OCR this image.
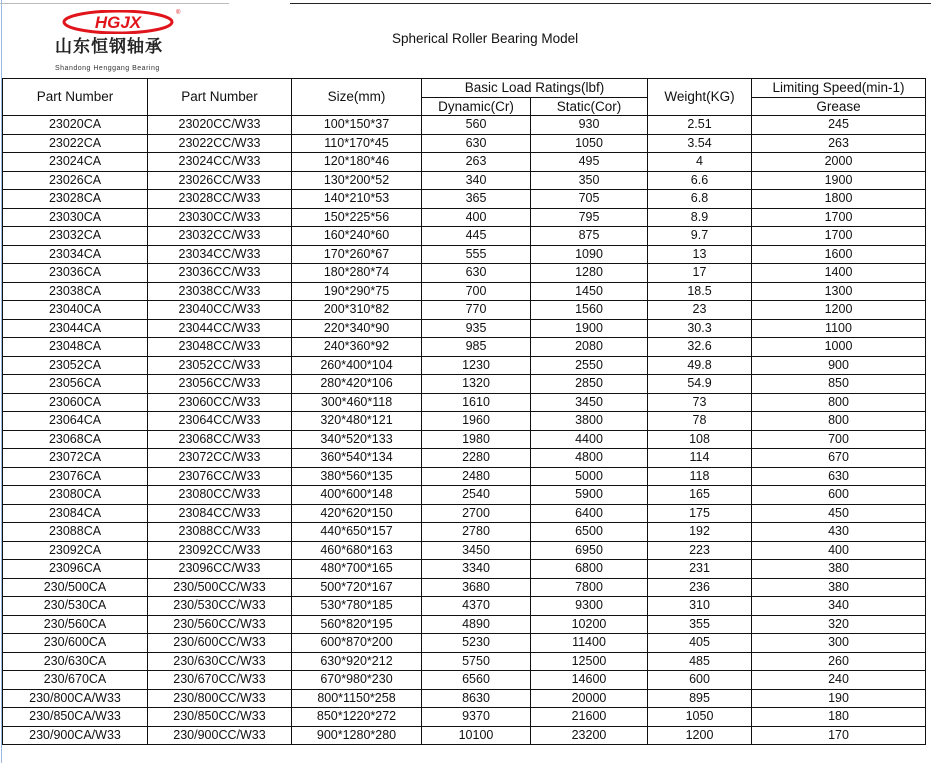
HGJX	®
山东恒钢轴承
Shandong Henggang Bearing
Spherical Roller Bearing Model
Part Number	Part Number	Size(mm)	Basic Load Ratings(lbf)		Weight(KG)	Limiting Speed(min-1)
			Dynamic(Cr)	Static(Cor)		Grease
23020CA	23020CC/W33	100*150*37	560	930	2.51	245
23022CA	23022CC/W33	110*170*45	630	1050	3.54	263
23024CA	23024CC/W33	120*180*46	263	495	4	2000
23026CA	23026CC/W33	130*200*52	340	350	6.6	1900
23028CA	23028CC/W33	140*210*53	365	705	6.8	1800
23030CA	23030CC/W33	150*225*56	400	795	8.9	1700
23032CA	23032CC/W33	160*240*60	445	875	9.7	1700
23034CA	23034CC/W33	170*260*67	555	1090	13	1600
23036CA	23036CC/W33	180*280*74	630	1280	17	1400
23038CA	23038CC/W33	190*290*75	700	1450	18.5	1300
23040CA	23040CC/W33	200*310*82	770	1560	23	1200
23044CA	23044CC/W33	220*340*90	935	1900	30.3	1100
23048CA	23048CC/W33	240*360*92	985	2080	32.6	1000
23052CA	23052CC/W33	260*400*104	1230	2550	49.8	900
23056CA	23056CC/W33	280*420*106	1320	2850	54.9	850
23060CA	23060CC/W33	300*460*118	1610	3450	73	800
23064CA	23064CC/W33	320*480*121	1960	3800	78	800
23068CA	23068CC/W33	340*520*133	1980	4400	108	700
23072CA	23072CC/W33	360*540*134	2280	4800	114	670
23076CA	23076CC/W33	380*560*135	2480	5000	118	630
23080CA	23080CC/W33	400*600*148	2540	5900	165	600
23084CA	23084CC/W33	420*620*150	2700	6400	175	450
23088CA	23088CC/W33	440*650*157	2780	6500	192	430
23092CA	23092CC/W33	460*680*163	3450	6950	223	400
23096CA	23096CC/W33	480*700*165	3340	6800	231	380
230/500CA	230/500CC/W33	500*720*167	3680	7800	236	380
230/530CA	230/530CC/W33	530*780*185	4370	9300	310	340
230/560CA	230/560CC/W33	560*820*195	4890	10200	355	320
230/600CA	230/600CC/W33	600*870*200	5230	11400	405	300
230/630CA	230/630CC/W33	630*920*212	5750	12500	485	260
230/670CA	230/670CC/W33	670*980*230	6560	14600	600	240
230/800CA/W33	230/800CC/W33	800*1150*258	8630	20000	895	190
230/850CA/W33	230/850CC/W33	850*1220*272	9370	21600	1050	180
230/900CA/W33	230/900CC/W33	900*1280*280	10100	23200	1200	170
